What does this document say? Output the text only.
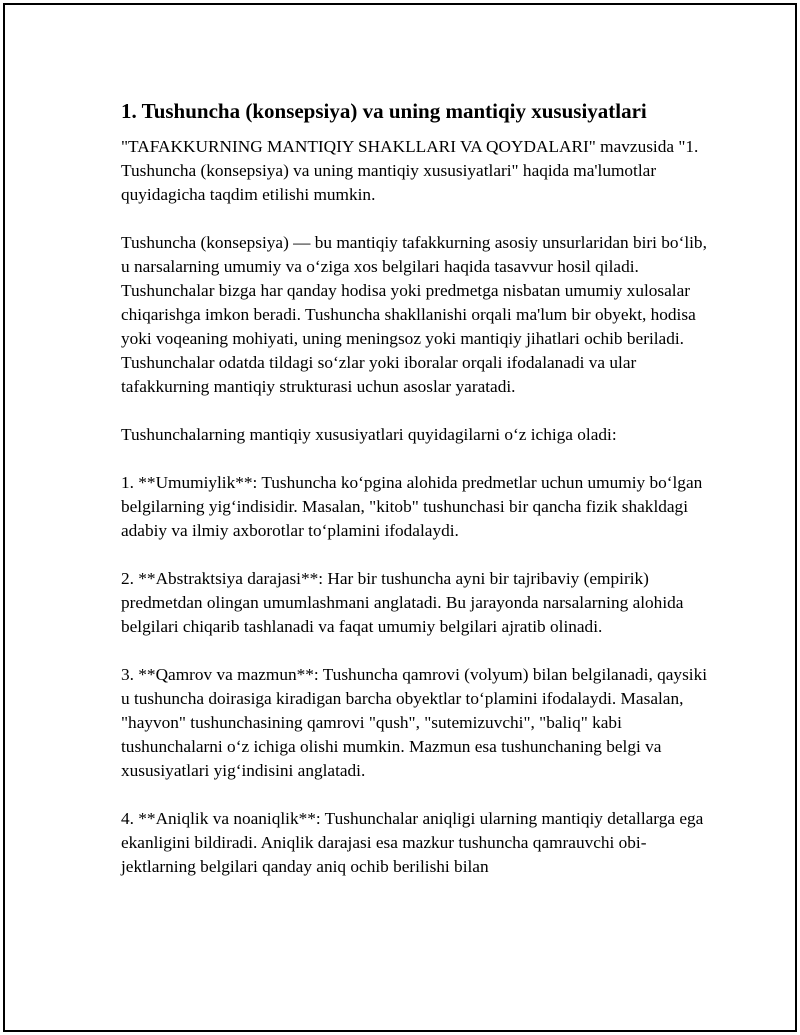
1. Tushuncha (konsepsiya) va uning mantiqiy xususiyatlari

"TAFAKKURNING MANTIQIY SHAKLLARI VA QOYDALARI" mavzusida "1. Tushuncha (konsepsiya) va uning mantiqiy xususiyatlari" haqida ma'lumotlar quyidagicha taqdim etilishi mumkin.

Tushuncha (konsepsiya) — bu mantiqiy tafakkurning asosiy unsurlaridan biri bo‘lib, u narsalarning umumiy va o‘ziga xos belgilari haqida tasavvur hosil qiladi. Tushunchalar bizga har qanday hodisa yoki predmetga nisbatan umumiy xulosalar chiqarishga imkon beradi. Tushuncha shakllanishi orqali ma'lum bir obyekt, hodisa yoki voqeaning mohiyati, uning meningsoz yoki mantiqiy jihatlari ochib beriladi. Tushunchalar odatda tildagi so‘zlar yoki iboralar orqali ifodalanadi va ular tafakkurning mantiqiy strukturasi uchun asoslar yaratadi.

Tushunchalarning mantiqiy xususiyatlari quyidagilarni o‘z ichiga oladi:

1. **Umumiylik**: Tushuncha ko‘pgina alohida predmetlar uchun umumiy bo‘lgan belgilarning yig‘indisidir. Masalan, "kitob" tushunchasi bir qancha fizik shakldagi adabiy va ilmiy axborotlar to‘plamini ifodalaydi.

2. **Abstraktsiya darajasi**: Har bir tushuncha ayni bir tajribaviy (empirik) predmetdan olingan umumlashmani anglatadi. Bu jarayonda narsalarning alohida belgilari chiqarib tashlanadi va faqat umumiy belgilari ajratib olinadi.

3. **Qamrov va mazmun**: Tushuncha qamrovi (volyum) bilan belgilanadi, qaysiki u tushuncha doirasiga kiradigan barcha obyektlar to‘plamini ifodalaydi. Masalan, "hayvon" tushunchasining qamrovi "qush", "sutemizuvchi", "baliq" kabi tushunchalarni o‘z ichiga olishi mumkin. Mazmun esa tushunchaning belgi va xususiyatlari yig‘indisini anglatadi.

4. **Aniqlik va noaniqlik**: Tushunchalar aniqligi ularning mantiqiy detallarga ega ekanligini bildiradi. Aniqlik darajasi esa mazkur tushuncha qamrauvchi obi-jektlarning belgilari qanday aniq ochib berilishi bilan
